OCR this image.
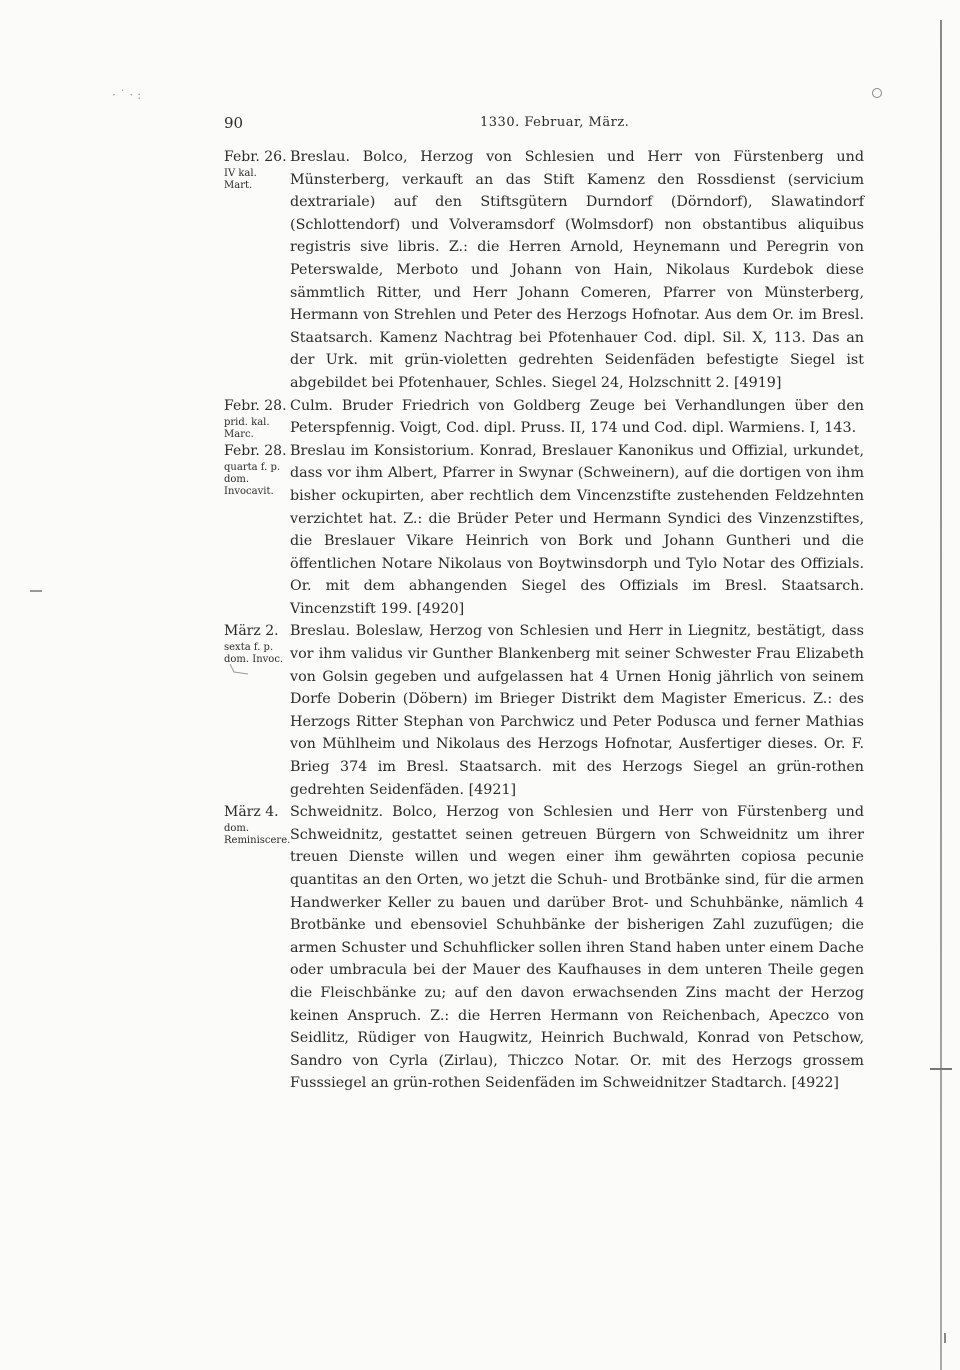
· ˙ · :
90	1330. Februar, März.
Febr. 26.
IV kal. Mart.

Breslau. Bolco, Herzog von Schlesien und Herr von Fürstenberg und Münsterberg, verkauft an das Stift Kamenz den Rossdienst (servicium dextrariale) auf den Stiftsgütern Durndorf (Dörndorf), Slawatindorf (Schlottendorf) und Volveramsdorf (Wolmsdorf) non obstantibus aliquibus registris sive libris. Z.: die Herren Arnold, Heynemann und Peregrin von Peterswalde, Merboto und Johann von Hain, Nikolaus Kurdebok diese sämmtlich Ritter, und Herr Johann Comeren, Pfarrer von Münsterberg, Hermann von Strehlen und Peter des Herzogs Hofnotar. Aus dem Or. im Bresl. Staatsarch. Kamenz Nachtrag bei Pfotenhauer Cod. dipl. Sil. X, 113. Das an der Urk. mit grün-violetten gedrehten Seidenfäden befestigte Siegel ist abgebildet bei Pfotenhauer, Schles. Siegel 24, Holzschnitt 2. [4919]

Febr. 28.
prid. kal. Marc.

Culm. Bruder Friedrich von Goldberg Zeuge bei Verhandlungen über den Peterspfennig. Voigt, Cod. dipl. Pruss. II, 174 und Cod. dipl. Warmiens. I, 143.

Febr. 28.
quarta f. p. dom. Invocavit.

Breslau im Konsistorium. Konrad, Breslauer Kanonikus und Offizial, urkundet, dass vor ihm Albert, Pfarrer in Swynar (Schweinern), auf die dortigen von ihm bisher ockupirten, aber rechtlich dem Vincenzstifte zustehenden Feldzehnten verzichtet hat. Z.: die Brüder Peter und Hermann Syndici des Vinzenzstiftes, die Breslauer Vikare Heinrich von Bork und Johann Guntheri und die öffentlichen Notare Nikolaus von Boytwinsdorph und Tylo Notar des Offizials. Or. mit dem abhangenden Siegel des Offizials im Bresl. Staatsarch. Vincenzstift 199. [4920]

März 2.
sexta f. p. dom. Invoc.

Breslau. Boleslaw, Herzog von Schlesien und Herr in Liegnitz, bestätigt, dass vor ihm validus vir Gunther Blankenberg mit seiner Schwester Frau Elizabeth von Golsin gegeben und aufgelassen hat 4 Urnen Honig jährlich von seinem Dorfe Doberin (Döbern) im Brieger Distrikt dem Magister Emericus. Z.: des Herzogs Ritter Stephan von Parchwicz und Peter Podusca und ferner Mathias von Mühlheim und Nikolaus des Herzogs Hofnotar, Ausfertiger dieses. Or. F. Brieg 374 im Bresl. Staatsarch. mit des Herzogs Siegel an grün-rothen gedrehten Seidenfäden. [4921]

März 4.
dom. Reminiscere.

Schweidnitz. Bolco, Herzog von Schlesien und Herr von Fürstenberg und Schweidnitz, gestattet seinen getreuen Bürgern von Schweidnitz um ihrer treuen Dienste willen und wegen einer ihm gewährten copiosa pecunie quantitas an den Orten, wo jetzt die Schuh- und Brotbänke sind, für die armen Handwerker Keller zu bauen und darüber Brot- und Schuhbänke, nämlich 4 Brotbänke und ebensoviel Schuhbänke der bisherigen Zahl zuzufügen; die armen Schuster und Schuhflicker sollen ihren Stand haben unter einem Dache oder umbracula bei der Mauer des Kaufhauses in dem unteren Theile gegen die Fleischbänke zu; auf den davon erwachsenden Zins macht der Herzog keinen Anspruch. Z.: die Herren Hermann von Reichenbach, Apeczco von Seidlitz, Rüdiger von Haugwitz, Heinrich Buchwald, Konrad von Petschow, Sandro von Cyrla (Zirlau), Thiczco Notar. Or. mit des Herzogs grossem Fusssiegel an grün-rothen Seidenfäden im Schweidnitzer Stadtarch. [4922]
